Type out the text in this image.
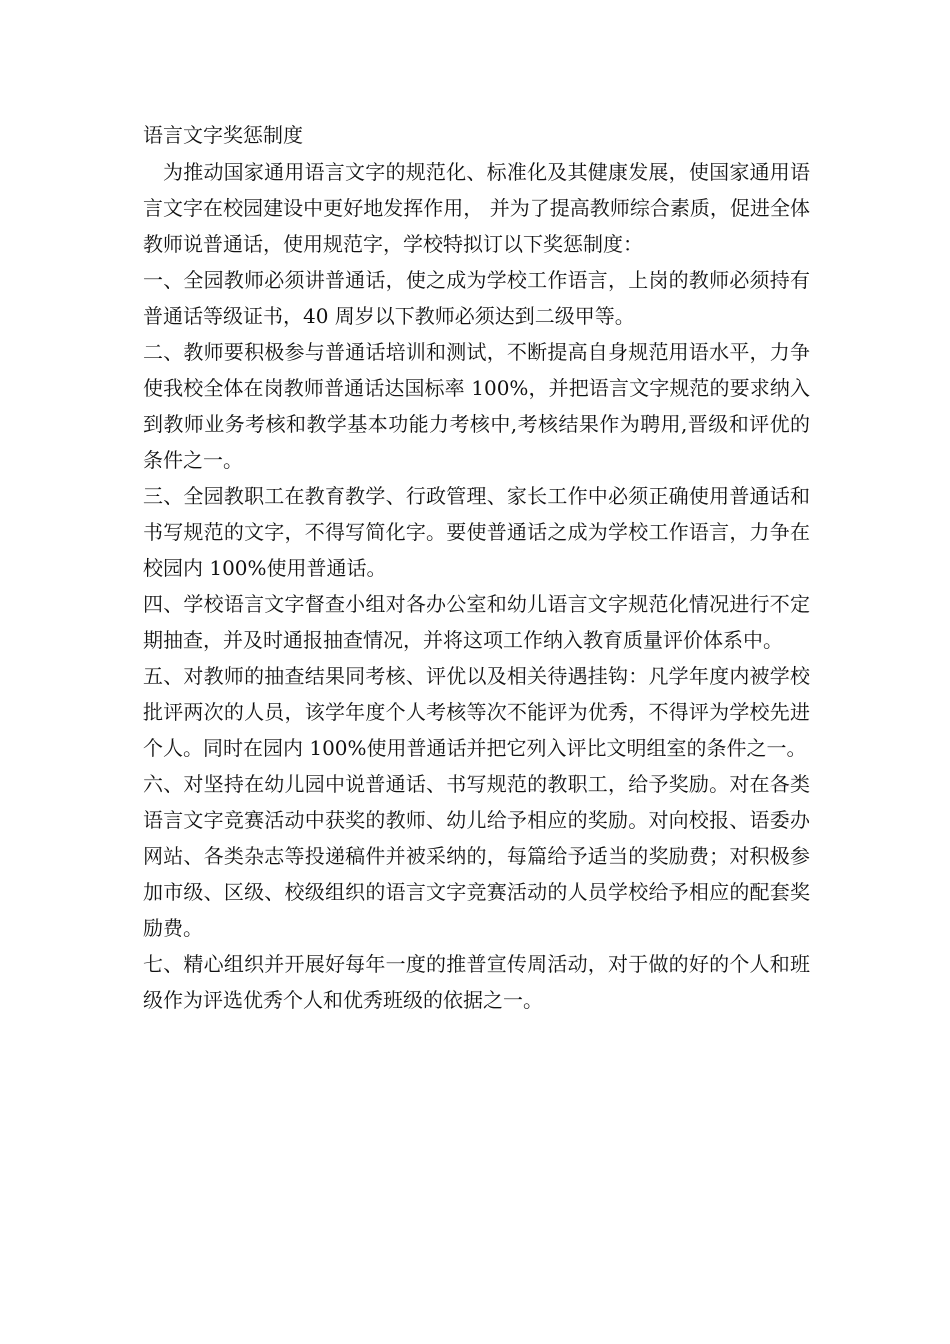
语言文字奖惩制度

为推动国家通用语言文字的规范化、标准化及其健康发展，使国家通用语言文字在校园建设中更好地发挥作用， 并为了提高教师综合素质，促进全体教师说普通话，使用规范字，学校特拟订以下奖惩制度：

一、全园教师必须讲普通话，使之成为学校工作语言，上岗的教师必须持有普通话等级证书，40 周岁以下教师必须达到二级甲等。

二、教师要积极参与普通话培训和测试，不断提高自身规范用语水平，力争使我校全体在岗教师普通话达国标率 100%，并把语言文字规范的要求纳入到教师业务考核和教学基本功能力考核中,考核结果作为聘用,晋级和评优的条件之一。

三、全园教职工在教育教学、行政管理、家长工作中必须正确使用普通话和书写规范的文字，不得写简化字。要使普通话之成为学校工作语言，力争在校园内 100%使用普通话。

四、学校语言文字督查小组对各办公室和幼儿语言文字规范化情况进行不定期抽查，并及时通报抽查情况，并将这项工作纳入教育质量评价体系中。

五、对教师的抽查结果同考核、评优以及相关待遇挂钩：凡学年度内被学校批评两次的人员，该学年度个人考核等次不能评为优秀，不得评为学校先进个人。同时在园内 100%使用普通话并把它列入评比文明组室的条件之一。

六、对坚持在幼儿园中说普通话、书写规范的教职工，给予奖励。对在各类语言文字竞赛活动中获奖的教师、幼儿给予相应的奖励。对向校报、语委办网站、各类杂志等投递稿件并被采纳的，每篇给予适当的奖励费；对积极参加市级、区级、校级组织的语言文字竞赛活动的人员学校给予相应的配套奖励费。

七、精心组织并开展好每年一度的推普宣传周活动，对于做的好的个人和班级作为评选优秀个人和优秀班级的依据之一。
